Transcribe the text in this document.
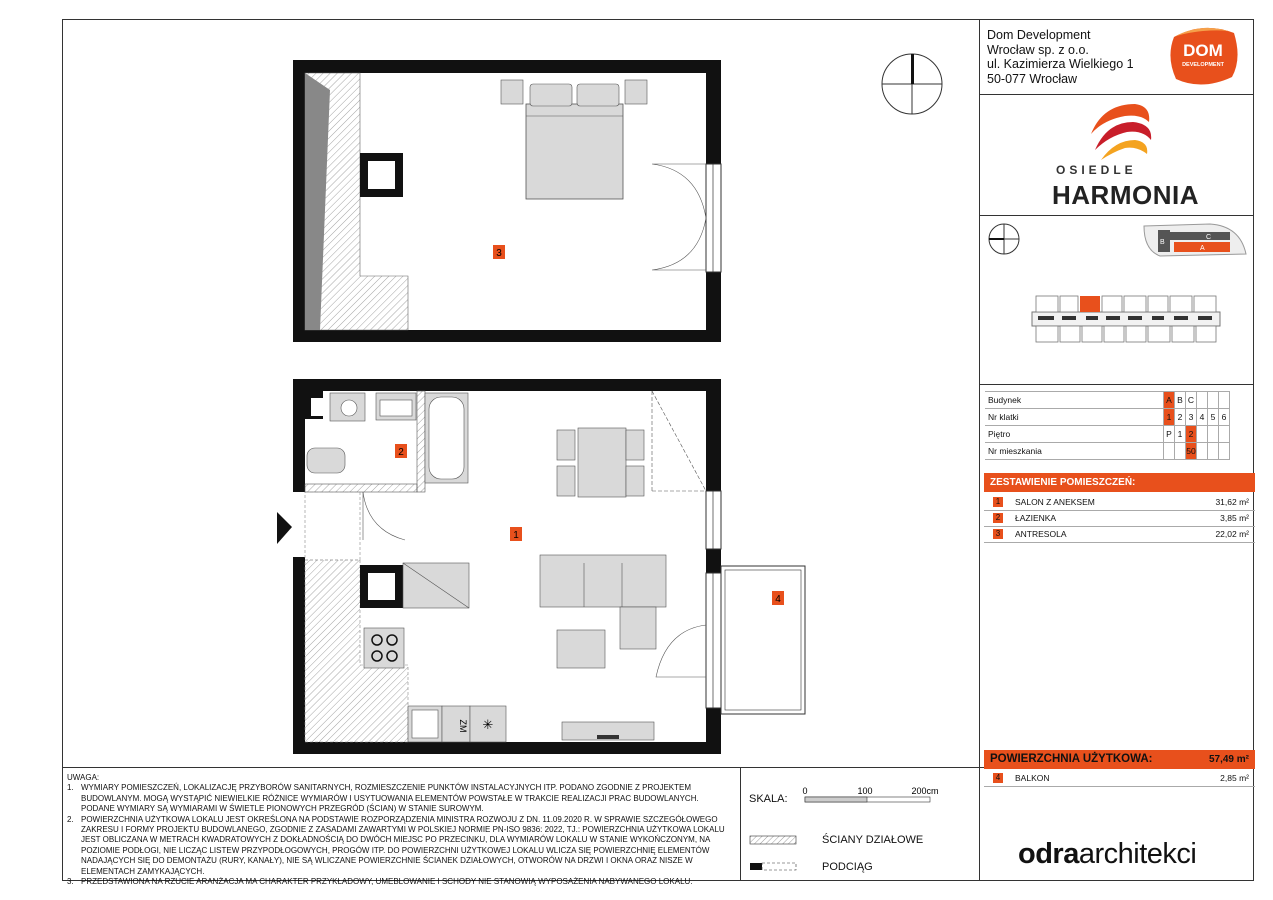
Dom Development
Wrocław sp. z o.o.
ul. Kazimierza Wielkiego 1
50-077 Wrocław
DOM
DEVELOPMENT
OSIEDLE
HARMONIA
B
C
A
Budynek	A	B	C			
Nr klatki	1	2	3	4	5	6
Piętro	P	1	2			
Nr mieszkania			50			
ZESTAWIENIE POMIESZCZEŃ:
1	SALON Z ANEKSEM	31,62 m²
2	ŁAZIENKA	3,85 m²
3	ANTRESOLA	22,02 m²
POWIERZCHNIA UŻYTKOWA:	57,49 m²
4	BALKON	2,85 m²
3
4
2
ZM ✳
1
UWAGA:
1. WYMIARY POMIESZCZEŃ, LOKALIZACJĘ PRZYBORÓW SANITARNYCH, ROZMIESZCZENIE PUNKTÓW INSTALACYJNYCH ITP. PODANO ZGODNIE Z PROJEKTEM BUDOWLANYM. MOGĄ WYSTĄPIĆ NIEWIELKIE RÓŻNICE WYMIARÓW I USYTUOWANIA ELEMENTÓW POWSTAŁE W TRAKCIE REALIZACJI PRAC BUDOWLANYCH. PODANE WYMIARY SĄ WYMIARAMI W ŚWIETLE PIONOWYCH PRZEGRÓD (ŚCIAN) W STANIE SUROWYM.
2. POWIERZCHNIA UŻYTKOWA LOKALU JEST OKREŚLONA NA PODSTAWIE ROZPORZĄDZENIA MINISTRA ROZWOJU Z DN. 11.09.2020 R. W SPRAWIE SZCZEGÓŁOWEGO ZAKRESU I FORMY PROJEKTU BUDOWLANEGO, ZGODNIE Z ZASADAMI ZAWARTYMI W POLSKIEJ NORMIE PN-ISO 9836: 2022, TJ.: POWIERZCHNIA UŻYTKOWA LOKALU JEST OBLICZANA W METRACH KWADRATOWYCH Z DOKŁADNOŚCIĄ DO DWÓCH MIEJSC PO PRZECINKU, DLA WYMIARÓW LOKALU W STANIE WYKOŃCZONYM, NA POZIOMIE PODŁOGI, NIE LICZĄC LISTEW PRZYPODŁOGOWYCH, PROGÓW ITP. DO POWIERZCHNI UŻYTKOWEJ LOKALU WLICZA SIĘ POWIERZCHNIĘ ELEMENTÓW NADAJĄCYCH SIĘ DO DEMONTAŻU (RURY, KANAŁY), NIE SĄ WLICZANE POWIERZCHNIE ŚCIANEK DZIAŁOWYCH, OTWORÓW NA DRZWI I OKNA ORAZ NISZE W ELEMENTACH ZAMYKAJĄCYCH.
3. PRZEDSTAWIONA NA RZUCIE ARANŻACJA MA CHARAKTER PRZYKŁADOWY, UMEBLOWANIE I SCHODY NIE STANOWIĄ WYPOSAŻENIA NABYWANEGO LOKALU.
SKALA:
0	100	200cm
ŚCIANY DZIAŁOWE
PODCIĄG	odraarchitekci
